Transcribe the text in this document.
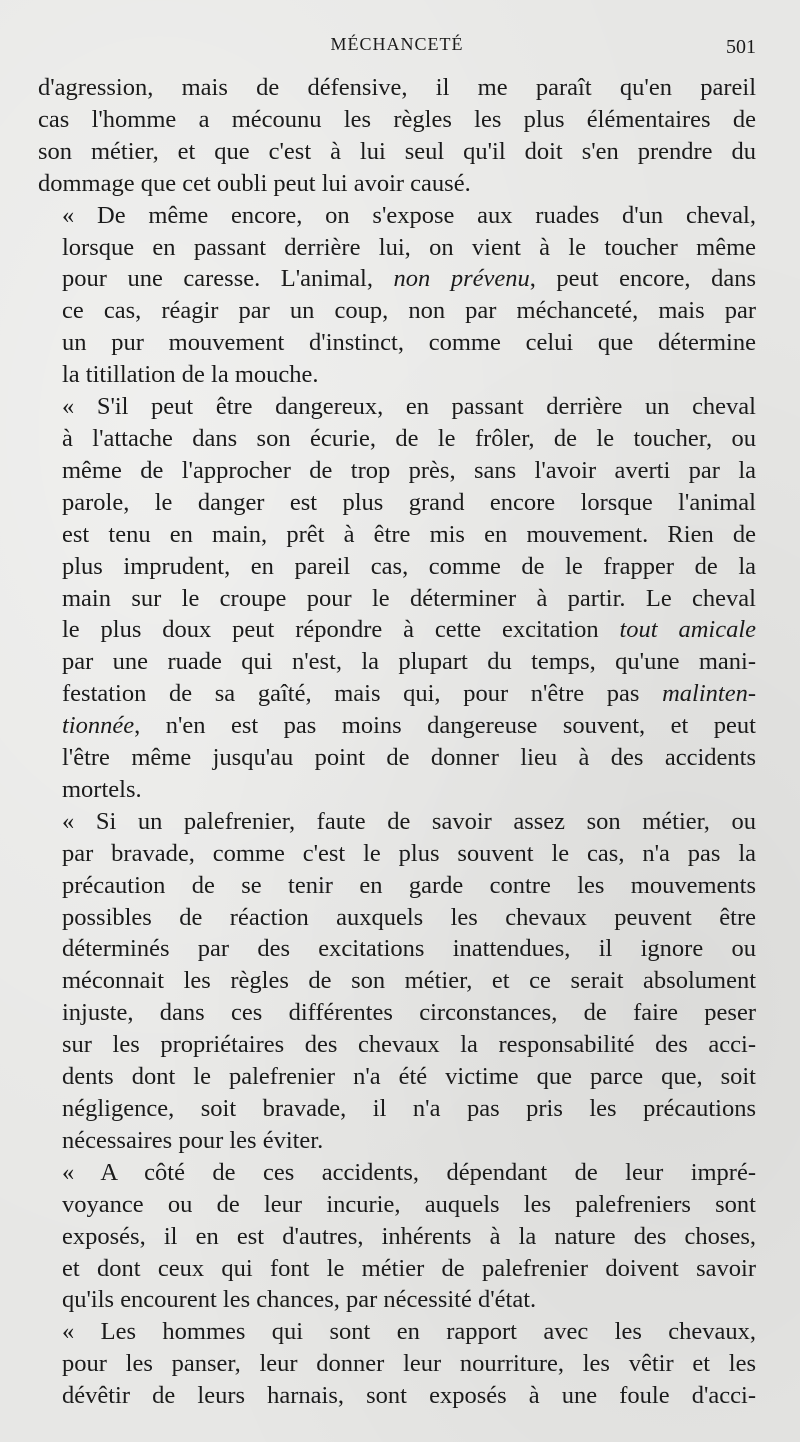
MÉCHANCETÉ	501

d'agression, mais de défensive, il me paraît qu'en pareil
cas l'homme a mécounu les règles les plus élémentaires de
son métier, et que c'est à lui seul qu'il doit s'en prendre du
dommage que cet oubli peut lui avoir causé.

« De même encore, on s'expose aux ruades d'un cheval,
lorsque en passant derrière lui, on vient à le toucher même
pour une caresse. L'animal, non prévenu, peut encore, dans
ce cas, réagir par un coup, non par méchanceté, mais par
un pur mouvement d'instinct, comme celui que détermine
la titillation de la mouche.

« S'il peut être dangereux, en passant derrière un cheval
à l'attache dans son écurie, de le frôler, de le toucher, ou
même de l'approcher de trop près, sans l'avoir averti par la
parole, le danger est plus grand encore lorsque l'animal
est tenu en main, prêt à être mis en mouvement. Rien de
plus imprudent, en pareil cas, comme de le frapper de la
main sur le croupe pour le déterminer à partir. Le cheval
le plus doux peut répondre à cette excitation tout amicale
par une ruade qui n'est, la plupart du temps, qu'une mani-
festation de sa gaîté, mais qui, pour n'être pas malinten-
tionnée, n'en est pas moins dangereuse souvent, et peut
l'être même jusqu'au point de donner lieu à des accidents
mortels.

« Si un palefrenier, faute de savoir assez son métier, ou
par bravade, comme c'est le plus souvent le cas, n'a pas la
précaution de se tenir en garde contre les mouvements
possibles de réaction auxquels les chevaux peuvent être
déterminés par des excitations inattendues, il ignore ou
méconnait les règles de son métier, et ce serait absolument
injuste, dans ces différentes circonstances, de faire peser
sur les propriétaires des chevaux la responsabilité des acci-
dents dont le palefrenier n'a été victime que parce que, soit
négligence, soit bravade, il n'a pas pris les précautions
nécessaires pour les éviter.

« A côté de ces accidents, dépendant de leur impré-
voyance ou de leur incurie, auquels les palefreniers sont
exposés, il en est d'autres, inhérents à la nature des choses,
et dont ceux qui font le métier de palefrenier doivent savoir
qu'ils encourent les chances, par nécessité d'état.

« Les hommes qui sont en rapport avec les chevaux,
pour les panser, leur donner leur nourriture, les vêtir et les
dévêtir de leurs harnais, sont exposés à une foule d'acci-
